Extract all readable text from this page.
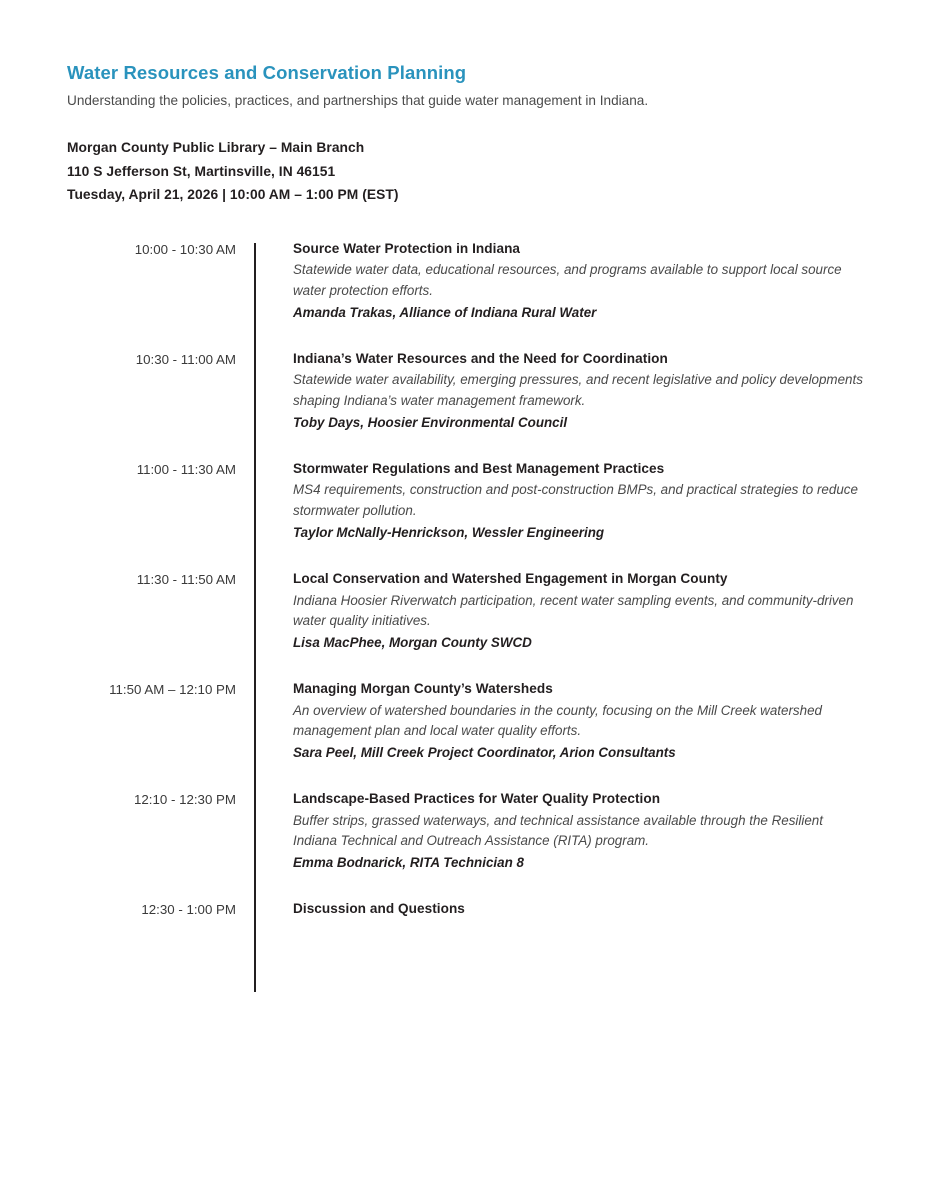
Water Resources and Conservation Planning
Understanding the policies, practices, and partnerships that guide water management in Indiana.
Morgan County Public Library – Main Branch
110 S Jefferson St, Martinsville, IN 46151
Tuesday, April 21, 2026 | 10:00 AM – 1:00 PM (EST)
10:00 - 10:30 AM	Source Water Protection in Indiana
Statewide water data, educational resources, and programs available to support local source water protection efforts.
Amanda Trakas, Alliance of Indiana Rural Water
10:30 - 11:00 AM	Indiana’s Water Resources and the Need for Coordination
Statewide water availability, emerging pressures, and recent legislative and policy developments shaping Indiana’s water management framework.
Toby Days, Hoosier Environmental Council
11:00 - 11:30 AM	Stormwater Regulations and Best Management Practices
MS4 requirements, construction and post-construction BMPs, and practical strategies to reduce stormwater pollution.
Taylor McNally-Henrickson, Wessler Engineering
11:30 - 11:50 AM	Local Conservation and Watershed Engagement in Morgan County
Indiana Hoosier Riverwatch participation, recent water sampling events, and community-driven water quality initiatives.
Lisa MacPhee, Morgan County SWCD
11:50 AM – 12:10 PM	Managing Morgan County’s Watersheds
An overview of watershed boundaries in the county, focusing on the Mill Creek watershed management plan and local water quality efforts.
Sara Peel, Mill Creek Project Coordinator, Arion Consultants
12:10 - 12:30 PM	Landscape-Based Practices for Water Quality Protection
Buffer strips, grassed waterways, and technical assistance available through the Resilient Indiana Technical and Outreach Assistance (RITA) program.
Emma Bodnarick, RITA Technician 8
12:30 - 1:00 PM	Discussion and Questions
